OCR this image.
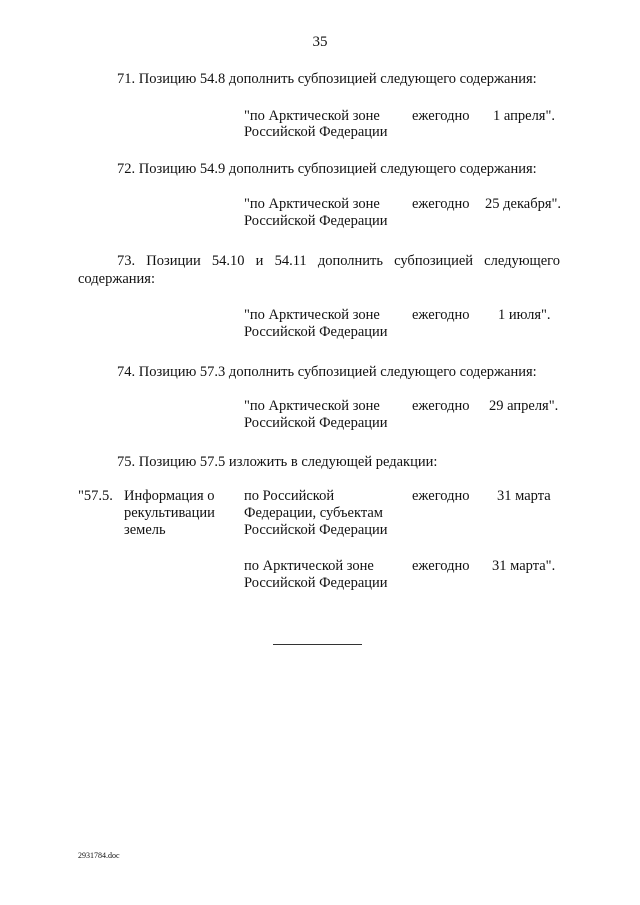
35
71. Позицию 54.8 дополнить субпозицией следующего содержания:
"по Арктической зоне
Российской Федерации
ежегодно 1 апреля".
72. Позицию 54.9 дополнить субпозицией следующего содержания:
"по Арктической зоне
Российской Федерации
ежегодно 25 декабря".
73. Позиции 54.10 и 54.11 дополнить субпозицией следующего
содержания:
"по Арктической зоне
Российской Федерации
ежегодно 1 июля".
74. Позицию 57.3 дополнить субпозицией следующего содержания:
"по Арктической зоне
Российской Федерации
ежегодно 29 апреля".
75. Позицию 57.5 изложить в следующей редакции:
"57.5. Информация о
рекультивации
земель
по Российской
Федерации, субъектам
Российской Федерации
ежегодно 31 марта
по Арктической зоне
Российской Федерации
ежегодно 31 марта".
2931784.doc
